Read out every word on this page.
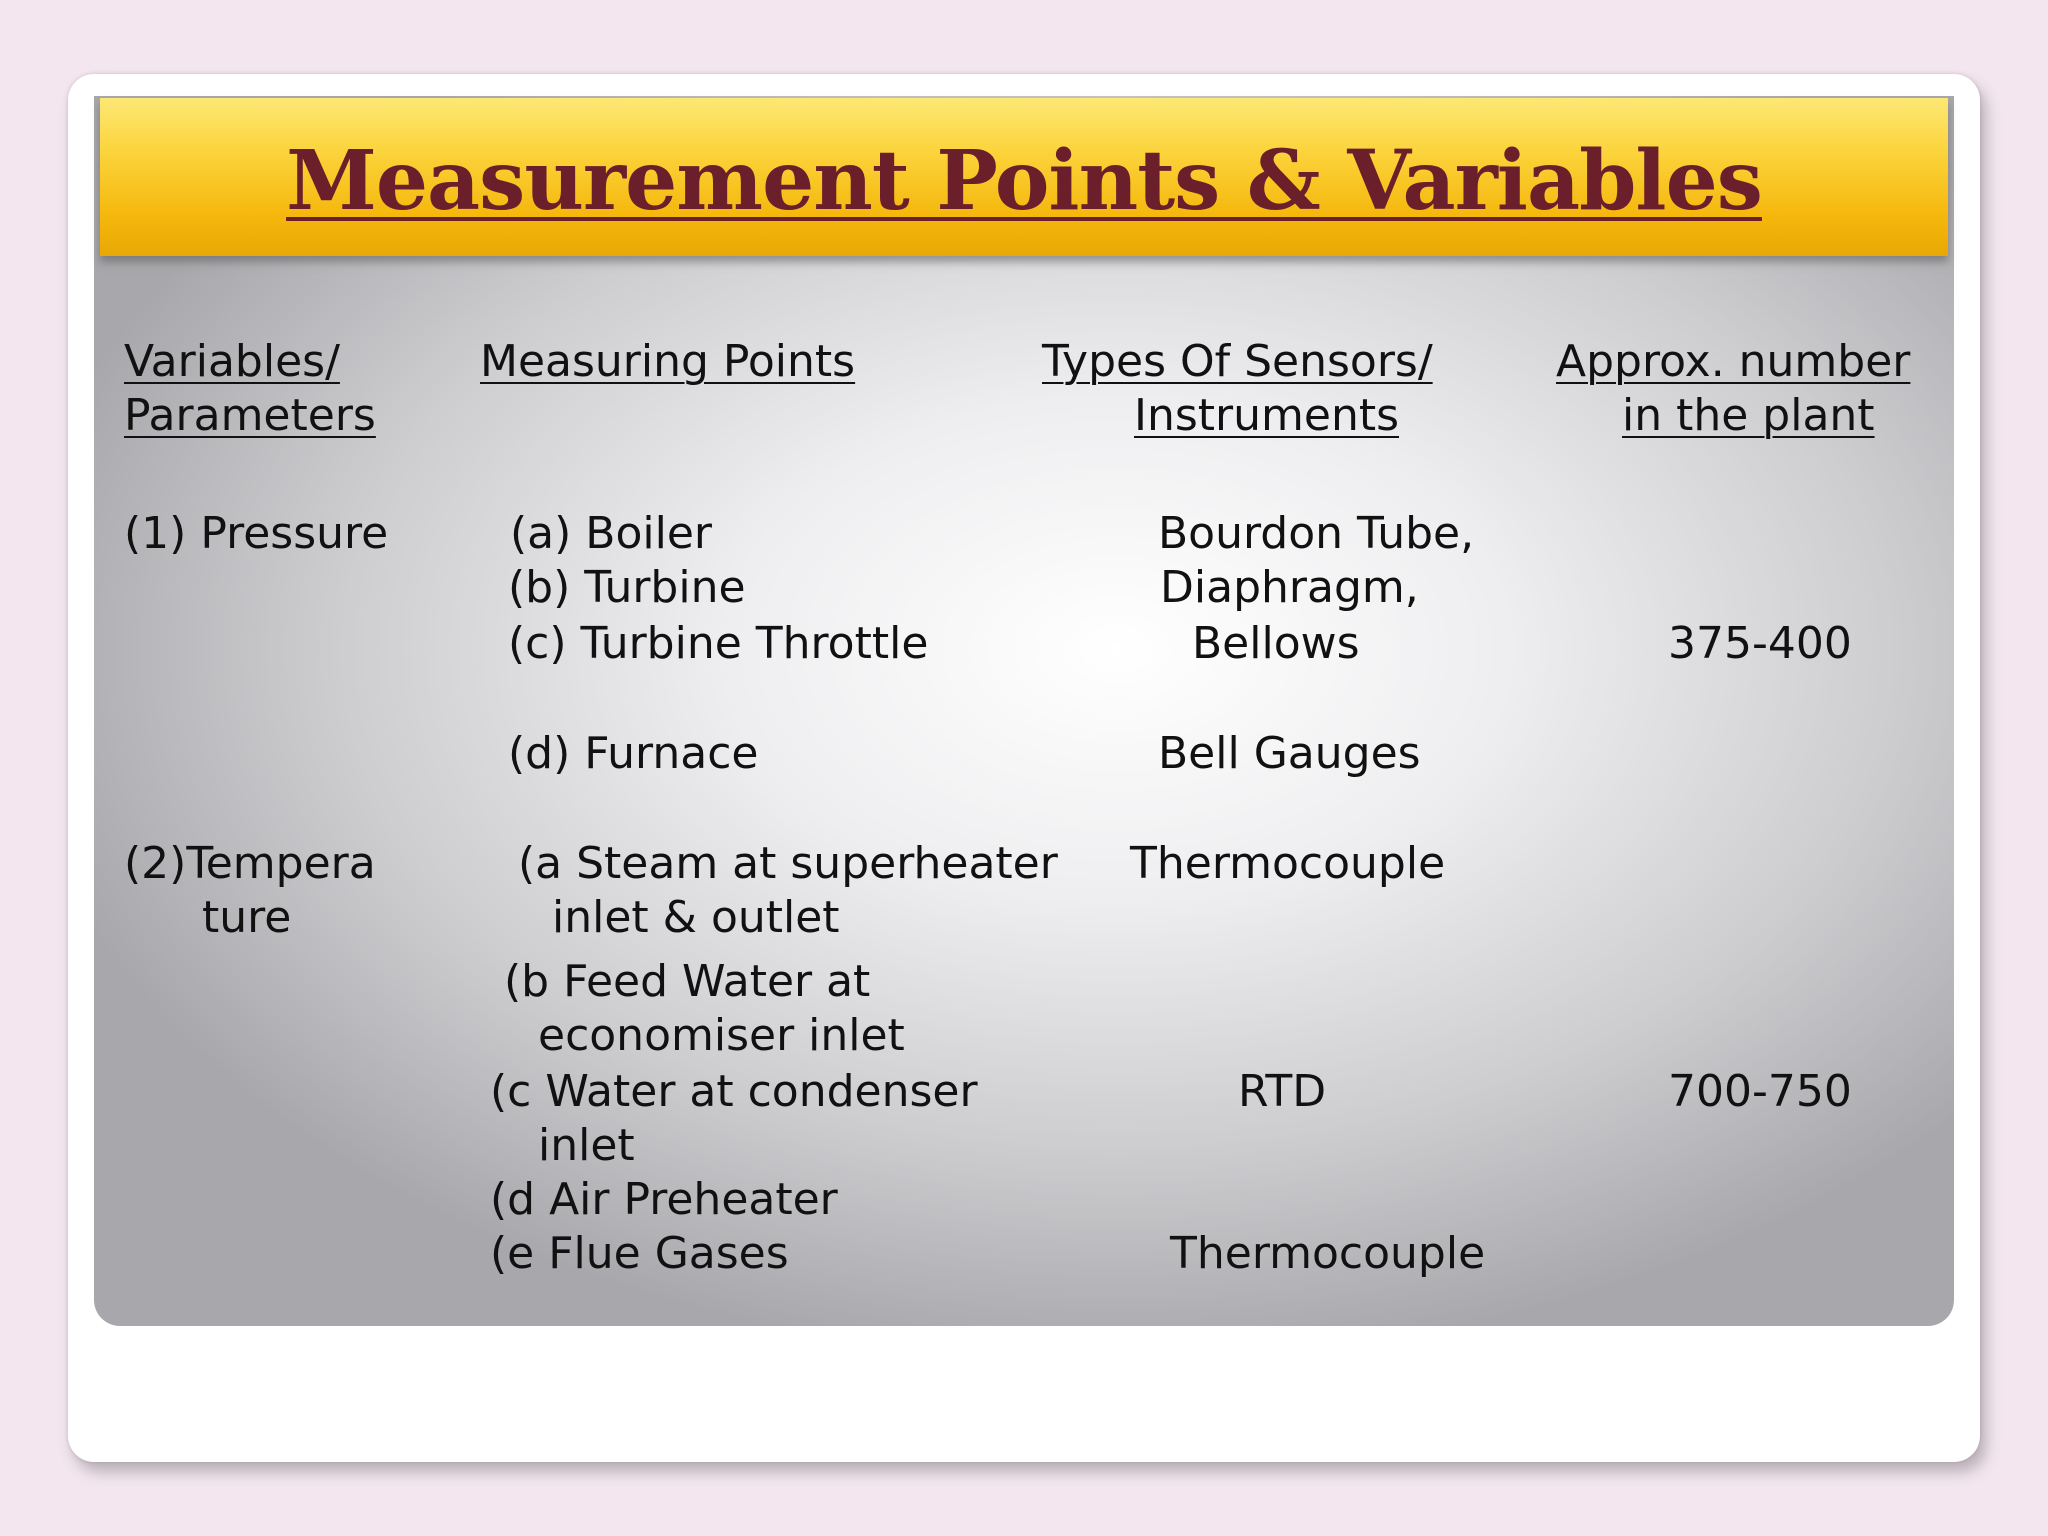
Measurement Points & Variables

Variables/

Parameters

Measuring Points	Types Of Sensors/

Instruments

Approx. number

in the plant

(1) Pressure	(a) Boiler

(b) Turbine

(c) Turbine Throttle

(d) Furnace

Bourdon Tube,

Diaphragm,

Bellows

Bell Gauges

375-400

(2)Tempera

ture

(a Steam at superheater

inlet & outlet

(b Feed Water at

economiser inlet

(c Water at condenser

inlet

(d Air Preheater

(e Flue Gases

Thermocouple

RTD

Thermocouple

700-750
